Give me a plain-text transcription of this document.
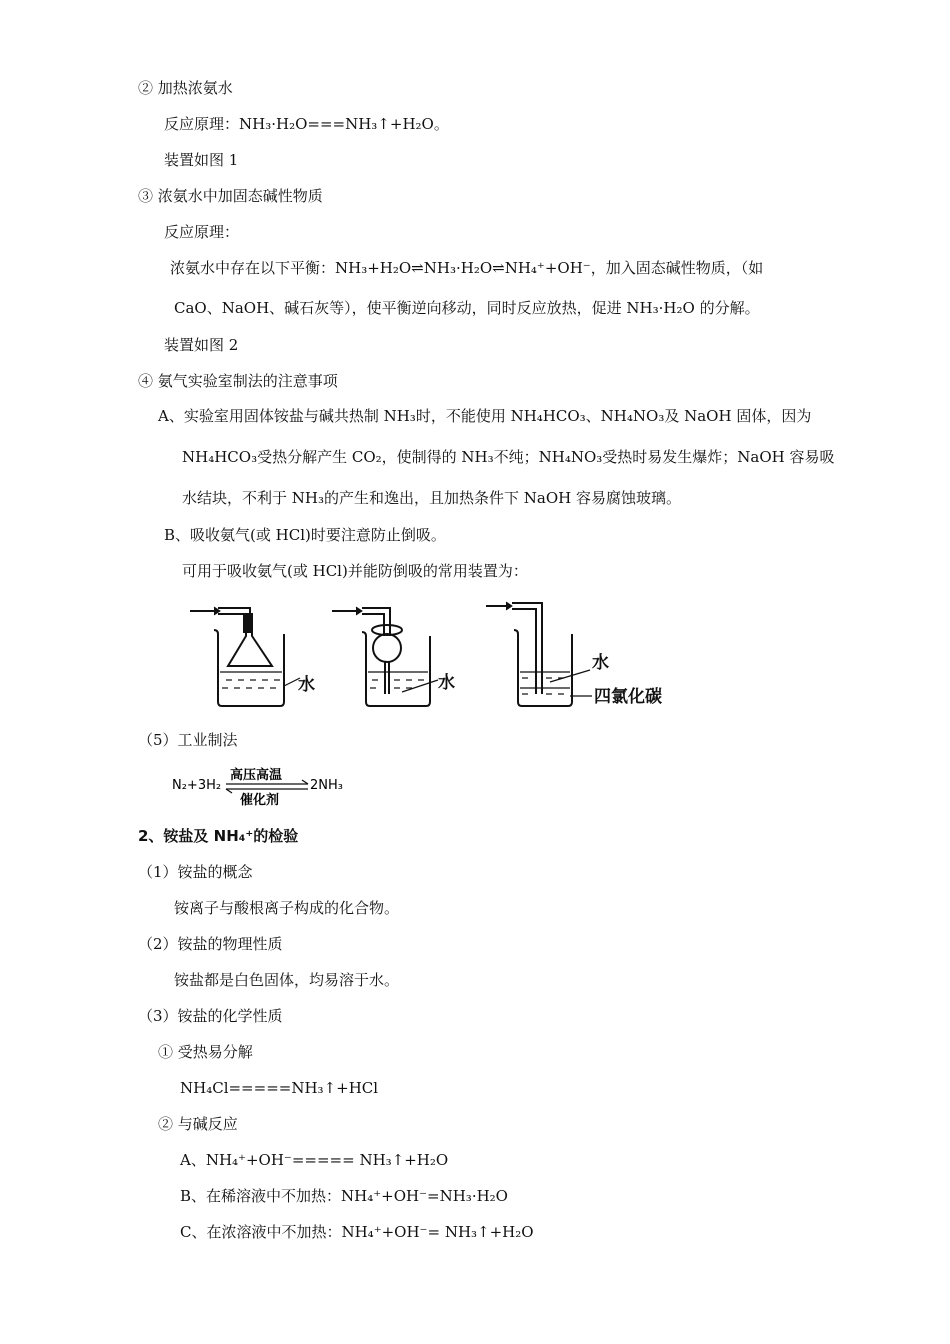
② 加热浓氨水
反应原理：NH₃·H₂O===NH₃↑+H₂O。
装置如图 1
③ 浓氨水中加固态碱性物质
反应原理：
浓氨水中存在以下平衡：NH₃+H₂O⇌NH₃·H₂O⇌NH₄⁺+OH⁻，加入固态碱性物质，（如
CaO、NaOH、碱石灰等），使平衡逆向移动，同时反应放热，促进 NH₃·H₂O 的分解。
装置如图 2
④ 氨气实验室制法的注意事项
A、实验室用固体铵盐与碱共热制 NH₃时，不能使用 NH₄HCO₃、NH₄NO₃及 NaOH 固体，因为
NH₄HCO₃受热分解产生 CO₂，使制得的 NH₃不纯；NH₄NO₃受热时易发生爆炸；NaOH 容易吸
水结块，不利于 NH₃的产生和逸出，且加热条件下 NaOH 容易腐蚀玻璃。
B、吸收氨气(或 HCl)时要注意防止倒吸。
可用于吸收氨气(或 HCl)并能防倒吸的常用装置为：
水	水
水
四氯化碳
（5）工业制法
N₂+3H₂
高压高温
催化剂
2NH₃
2、铵盐及 NH₄⁺的检验
（1）铵盐的概念
铵离子与酸根离子构成的化合物。
（2）铵盐的物理性质
铵盐都是白色固体，均易溶于水。
（3）铵盐的化学性质
① 受热易分解
NH₄Cl=====NH₃↑+HCl
② 与碱反应
A、NH₄⁺+OH⁻===== NH₃↑+H₂O
B、在稀溶液中不加热：NH₄⁺+OH⁻=NH₃·H₂O
C、在浓溶液中不加热：NH₄⁺+OH⁻= NH₃↑+H₂O
